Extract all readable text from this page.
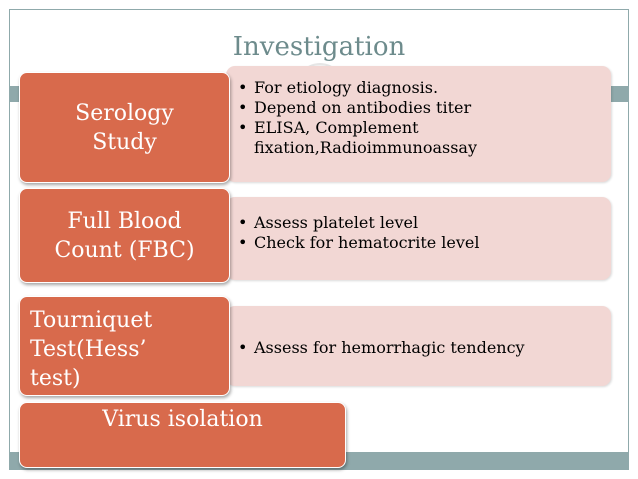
Investigation
• For etiology diagnosis.
• Depend on antibodies titer
• ELISA, Complement fixation,Radioimmunoassay
Serology
Study
• Assess platelet level
• Check for hematocrite level
Full Blood
Count (FBC)
• Assess for hemorrhagic tendency
Tourniquet
Test(Hess’
test)
Virus isolation
